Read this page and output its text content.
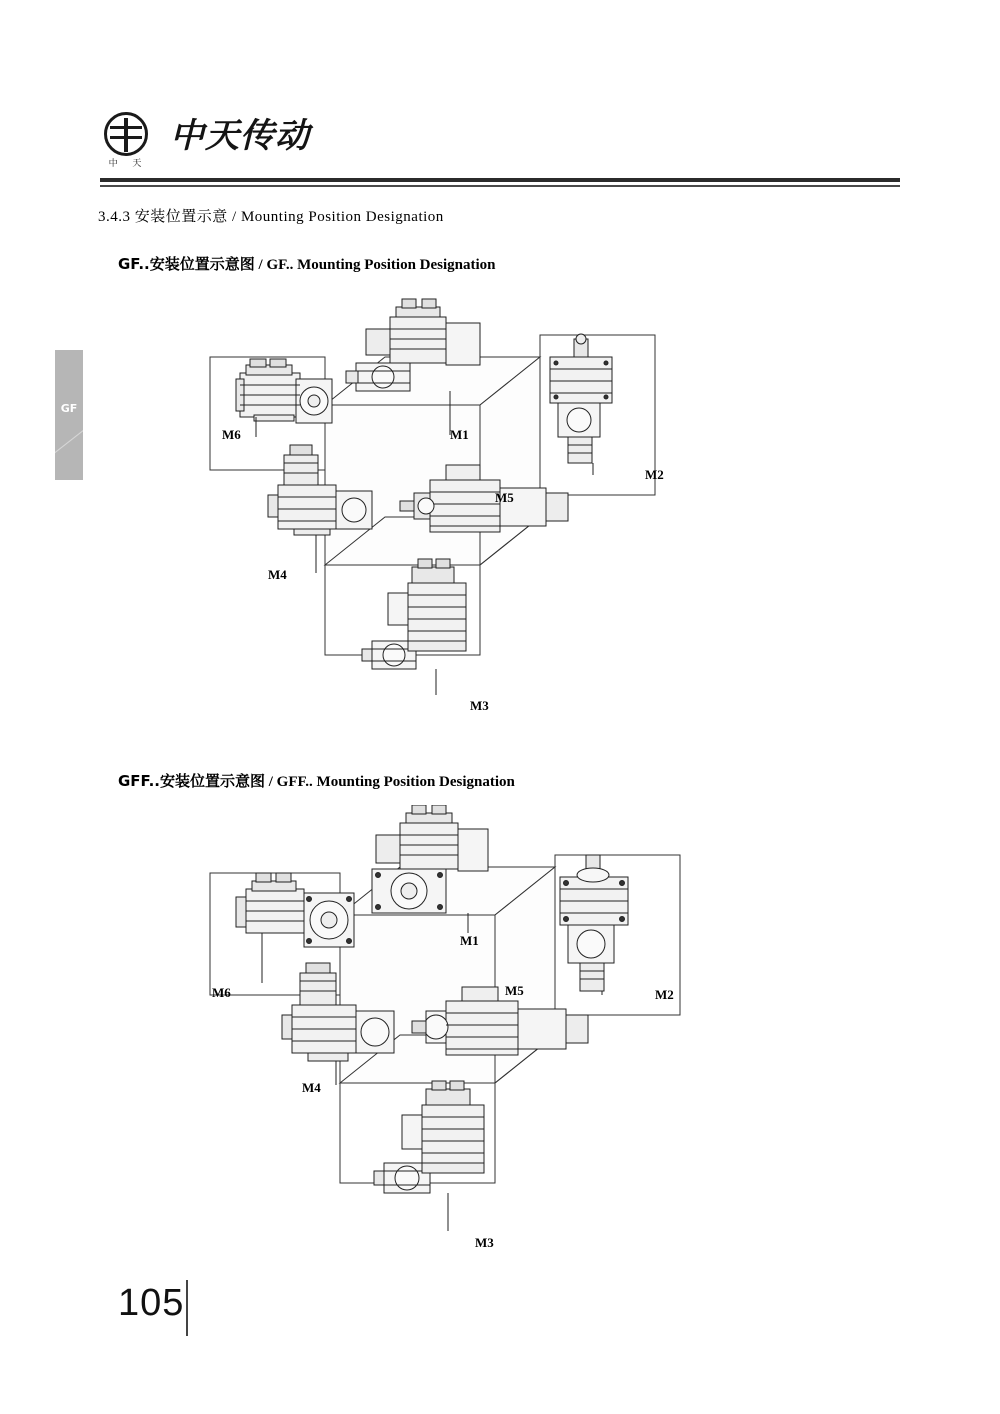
中 天
中天传动
GF
3.4.3 安装位置示意 / Mounting Position Designation
GF..安装位置示意图 / GF.. Mounting Position Designation
M6	M1
M2
M5
M4
M3
GFF..安装位置示意图 / GFF.. Mounting Position Designation
M1
M6	M5	M2
M4
M3
105
